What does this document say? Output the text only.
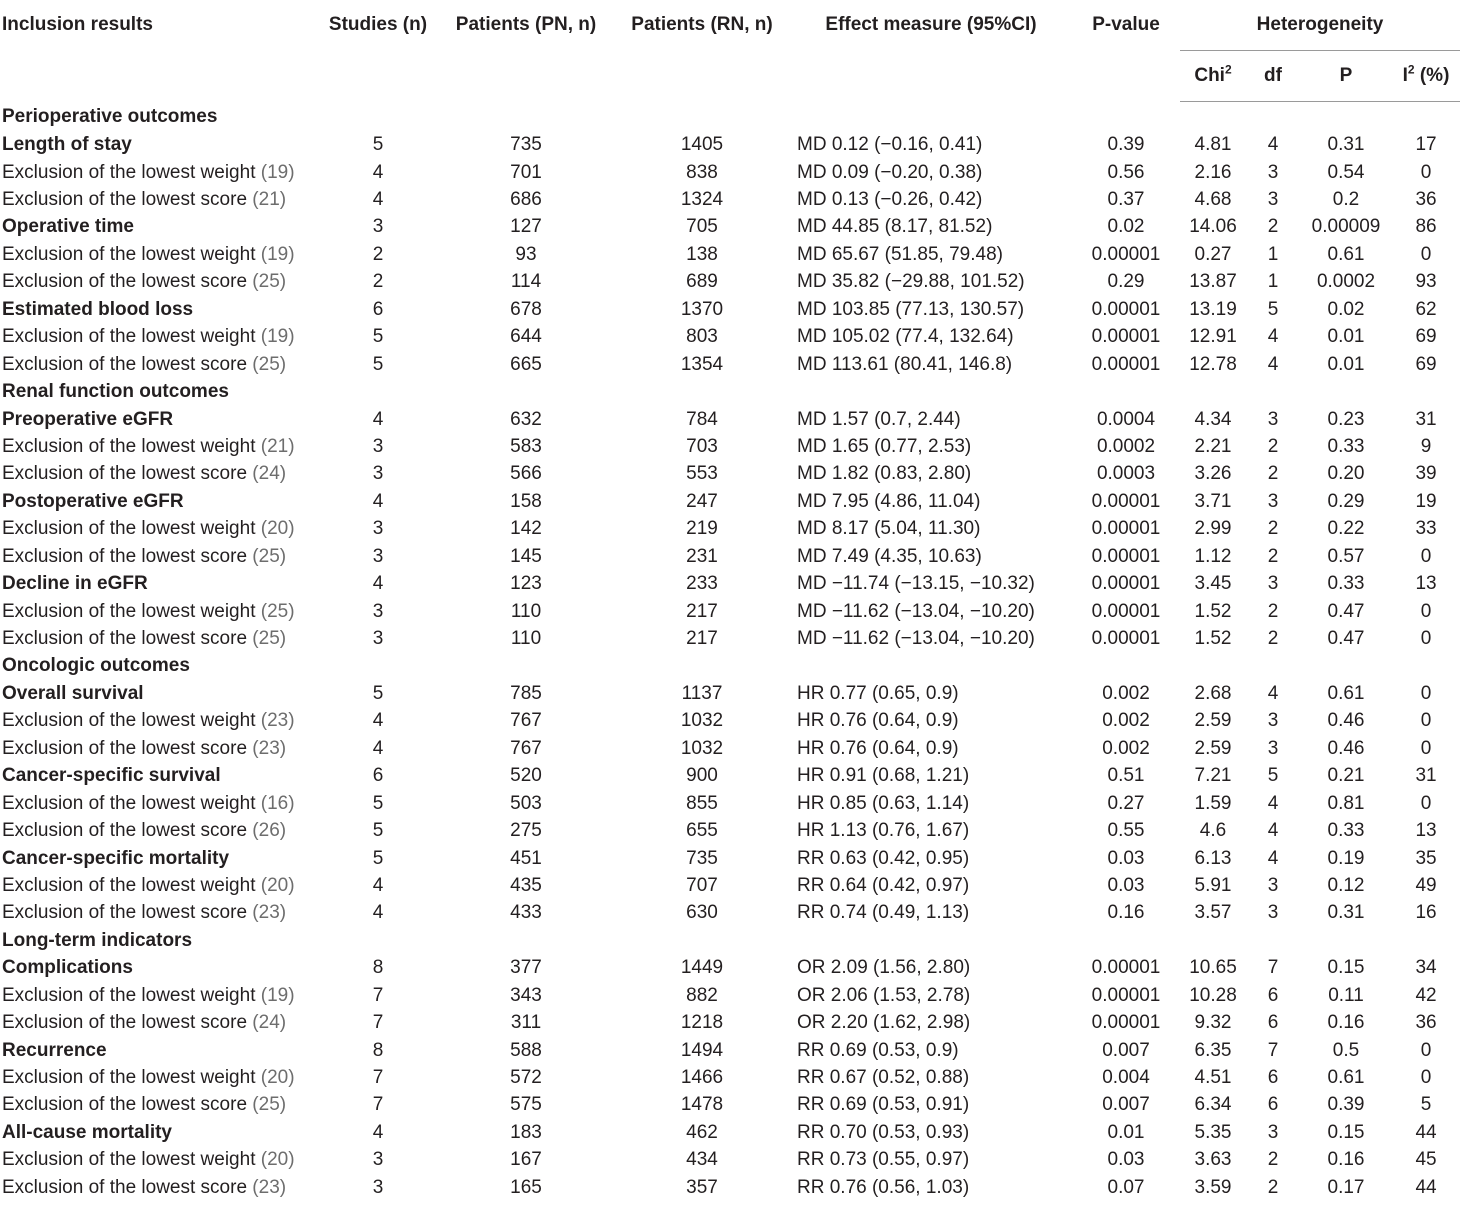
Inclusion results	Studies (n)	Patients (PN, n)	Patients (RN, n)	Effect measure (95%CI)	P-value	Heterogeneity			
						Chi$^2$	df	P	$I^2$ (%)
Perioperative outcomes									
Length of stay	5	735	1405	MD 0.12 (−0.16, 0.41)	0.39	4.81	4	0.31	17
Exclusion of the lowest weight (19)	4	701	838	MD 0.09 (−0.20, 0.38)	0.56	2.16	3	0.54	0
Exclusion of the lowest score (21)	4	686	1324	MD 0.13 (−0.26, 0.42)	0.37	4.68	3	0.2	36
Operative time	3	127	705	MD 44.85 (8.17, 81.52)	0.02	14.06	2	0.00009	86
Exclusion of the lowest weight (19)	2	93	138	MD 65.67 (51.85, 79.48)	0.00001	0.27	1	0.61	0
Exclusion of the lowest score (25)	2	114	689	MD 35.82 (−29.88, 101.52)	0.29	13.87	1	0.0002	93
Estimated blood loss	6	678	1370	MD 103.85 (77.13, 130.57)	0.00001	13.19	5	0.02	62
Exclusion of the lowest weight (19)	5	644	803	MD 105.02 (77.4, 132.64)	0.00001	12.91	4	0.01	69
Exclusion of the lowest score (25)	5	665	1354	MD 113.61 (80.41, 146.8)	0.00001	12.78	4	0.01	69
Renal function outcomes									
Preoperative eGFR	4	632	784	MD 1.57 (0.7, 2.44)	0.0004	4.34	3	0.23	31
Exclusion of the lowest weight (21)	3	583	703	MD 1.65 (0.77, 2.53)	0.0002	2.21	2	0.33	9
Exclusion of the lowest score (24)	3	566	553	MD 1.82 (0.83, 2.80)	0.0003	3.26	2	0.20	39
Postoperative eGFR	4	158	247	MD 7.95 (4.86, 11.04)	0.00001	3.71	3	0.29	19
Exclusion of the lowest weight (20)	3	142	219	MD 8.17 (5.04, 11.30)	0.00001	2.99	2	0.22	33
Exclusion of the lowest score (25)	3	145	231	MD 7.49 (4.35, 10.63)	0.00001	1.12	2	0.57	0
Decline in eGFR	4	123	233	MD −11.74 (−13.15, −10.32)	0.00001	3.45	3	0.33	13
Exclusion of the lowest weight (25)	3	110	217	MD −11.62 (−13.04, −10.20)	0.00001	1.52	2	0.47	0
Exclusion of the lowest score (25)	3	110	217	MD −11.62 (−13.04, −10.20)	0.00001	1.52	2	0.47	0
Oncologic outcomes									
Overall survival	5	785	1137	HR 0.77 (0.65, 0.9)	0.002	2.68	4	0.61	0
Exclusion of the lowest weight (23)	4	767	1032	HR 0.76 (0.64, 0.9)	0.002	2.59	3	0.46	0
Exclusion of the lowest score (23)	4	767	1032	HR 0.76 (0.64, 0.9)	0.002	2.59	3	0.46	0
Cancer-specific survival	6	520	900	HR 0.91 (0.68, 1.21)	0.51	7.21	5	0.21	31
Exclusion of the lowest weight (16)	5	503	855	HR 0.85 (0.63, 1.14)	0.27	1.59	4	0.81	0
Exclusion of the lowest score (26)	5	275	655	HR 1.13 (0.76, 1.67)	0.55	4.6	4	0.33	13
Cancer-specific mortality	5	451	735	RR 0.63 (0.42, 0.95)	0.03	6.13	4	0.19	35
Exclusion of the lowest weight (20)	4	435	707	RR 0.64 (0.42, 0.97)	0.03	5.91	3	0.12	49
Exclusion of the lowest score (23)	4	433	630	RR 0.74 (0.49, 1.13)	0.16	3.57	3	0.31	16
Long-term indicators									
Complications	8	377	1449	OR 2.09 (1.56, 2.80)	0.00001	10.65	7	0.15	34
Exclusion of the lowest weight (19)	7	343	882	OR 2.06 (1.53, 2.78)	0.00001	10.28	6	0.11	42
Exclusion of the lowest score (24)	7	311	1218	OR 2.20 (1.62, 2.98)	0.00001	9.32	6	0.16	36
Recurrence	8	588	1494	RR 0.69 (0.53, 0.9)	0.007	6.35	7	0.5	0
Exclusion of the lowest weight (20)	7	572	1466	RR 0.67 (0.52, 0.88)	0.004	4.51	6	0.61	0
Exclusion of the lowest score (25)	7	575	1478	RR 0.69 (0.53, 0.91)	0.007	6.34	6	0.39	5
All-cause mortality	4	183	462	RR 0.70 (0.53, 0.93)	0.01	5.35	3	0.15	44
Exclusion of the lowest weight (20)	3	167	434	RR 0.73 (0.55, 0.97)	0.03	3.63	2	0.16	45
Exclusion of the lowest score (23)	3	165	357	RR 0.76 (0.56, 1.03)	0.07	3.59	2	0.17	44
